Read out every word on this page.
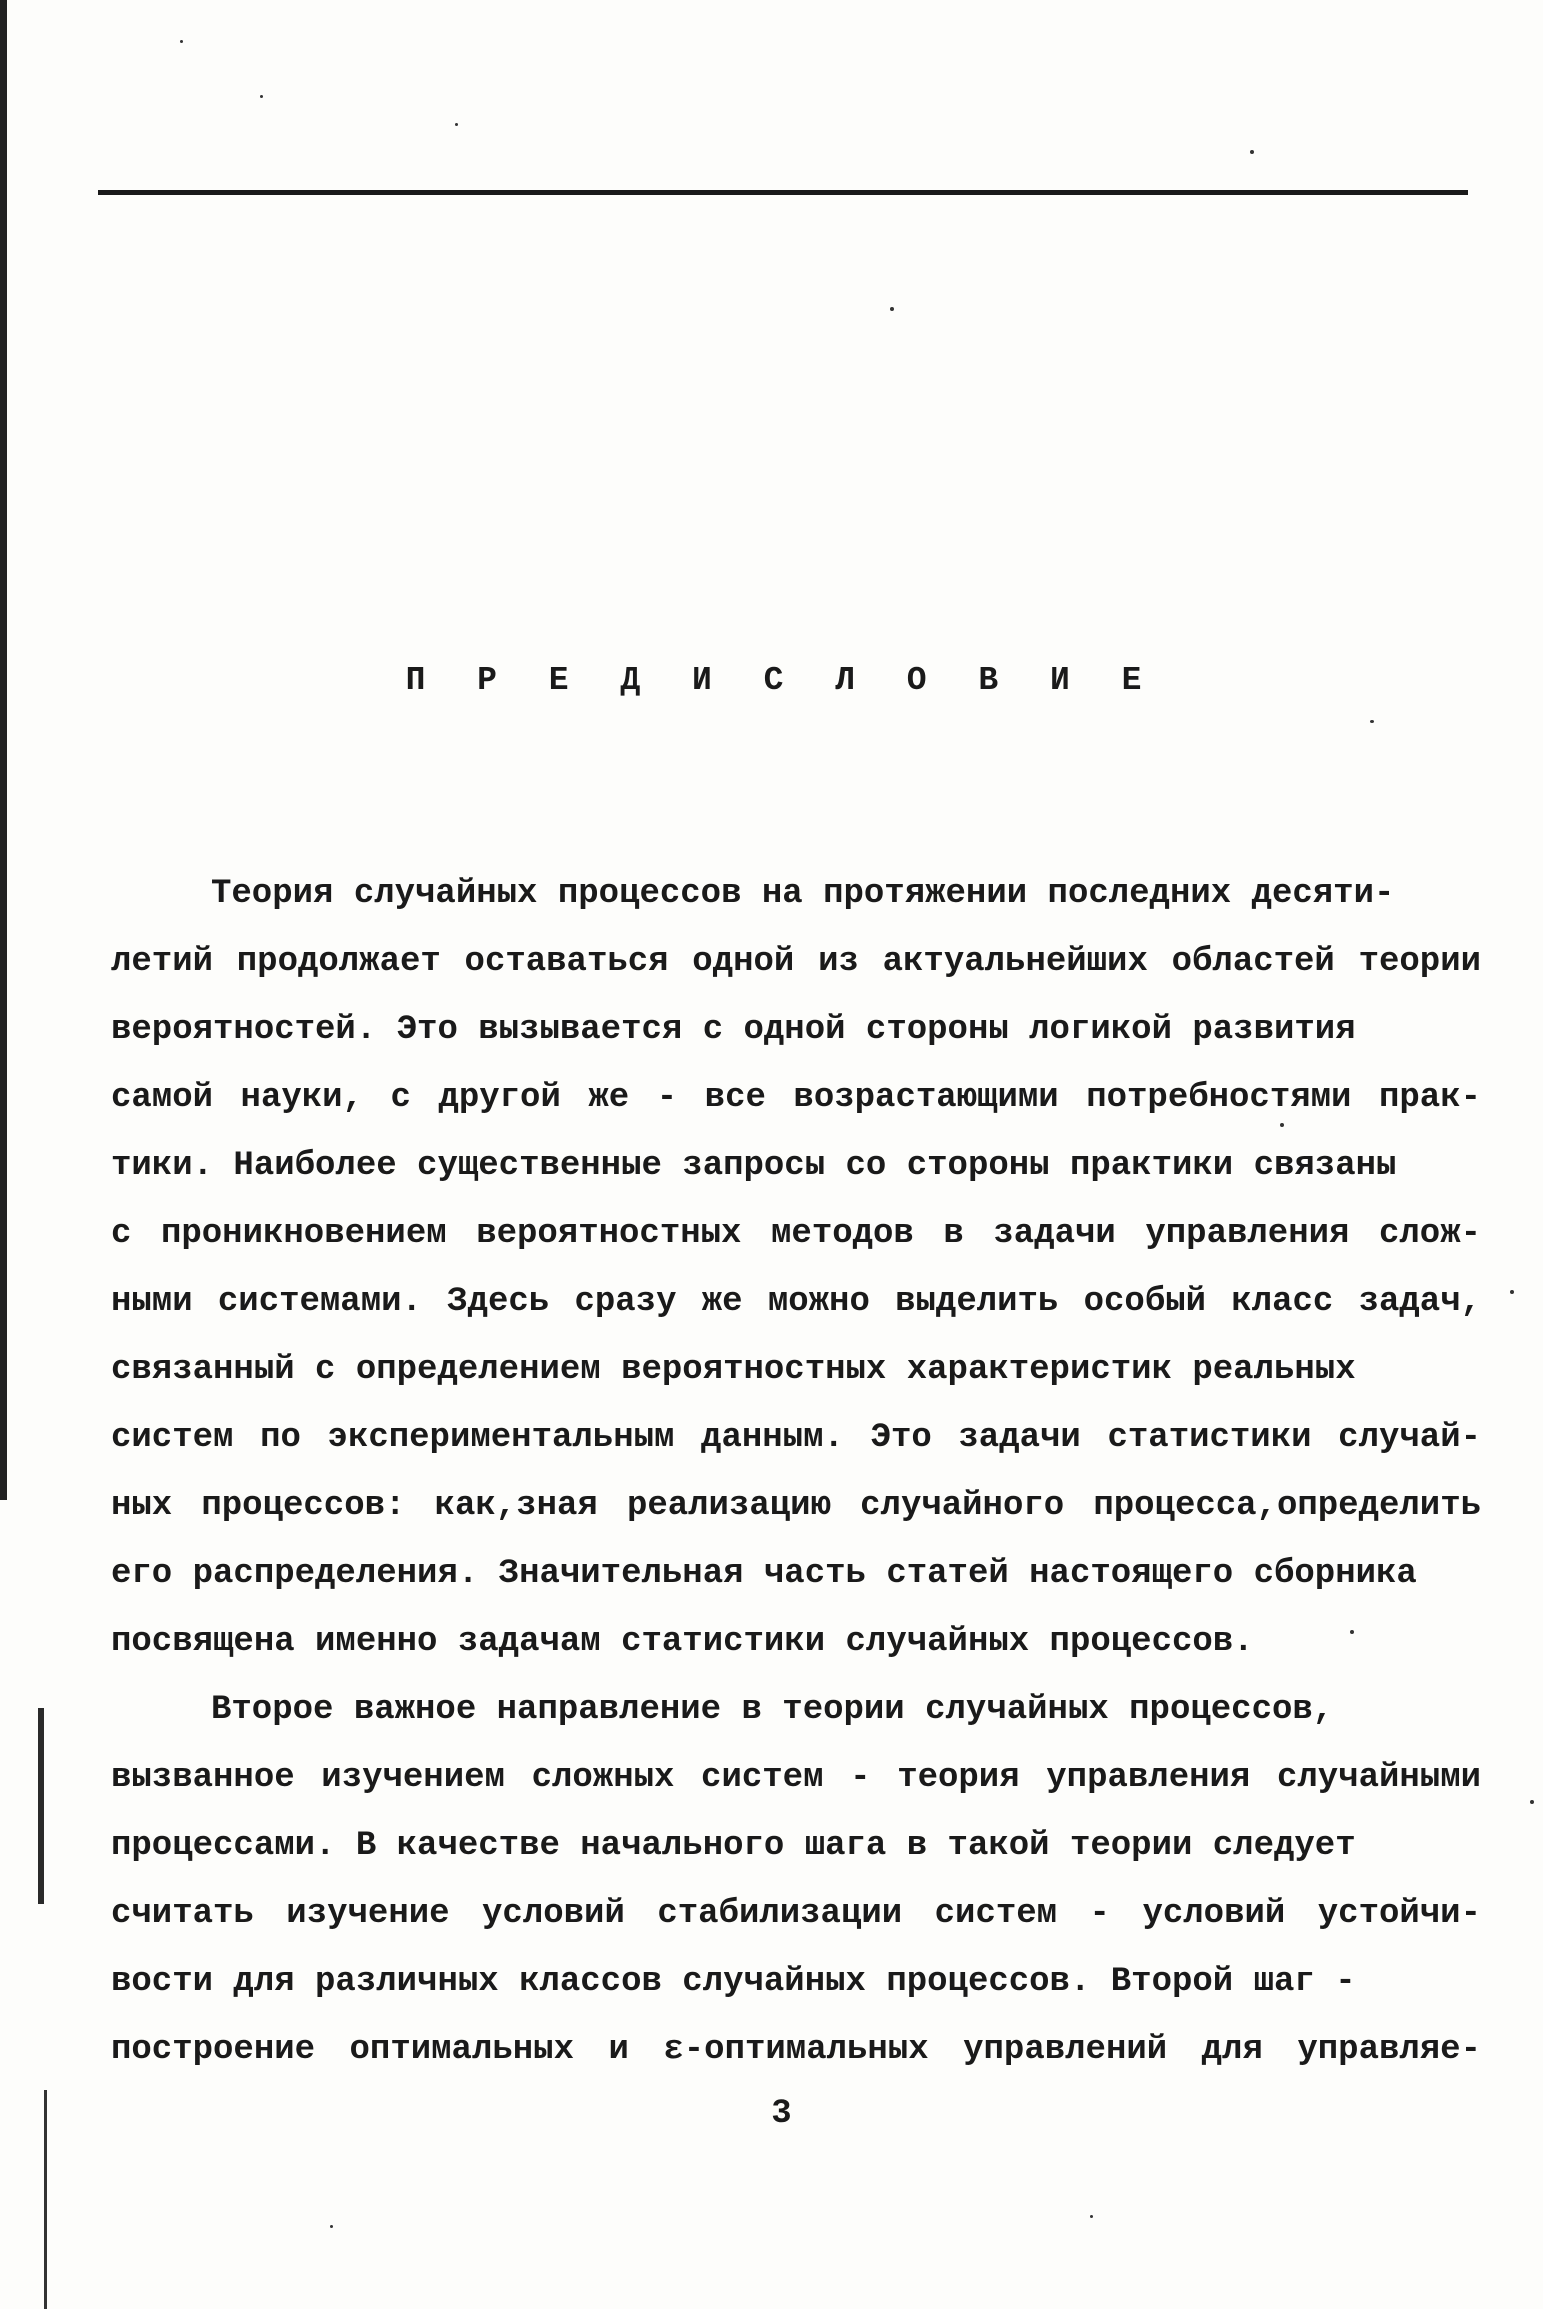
П Р Е Д И С Л О В И Е
Теория случайных процессов на протяжении последних десяти-
летий продолжает оставаться одной из актуальнейших областей теории
вероятностей. Это вызывается с одной стороны логикой развития
самой науки, с другой же - все возрастающими потребностями прак-
тики. Наиболее существенные запросы со стороны практики связаны
с проникновением вероятностных методов в задачи управления слож-
ными системами. Здесь сразу же можно выделить особый класс задач,
связанный с определением вероятностных характеристик реальных
систем по экспериментальным данным. Это задачи статистики случай-
ных процессов: как,зная реализацию случайного процесса,определить
его распределения. Значительная часть статей настоящего сборника
посвящена именно задачам статистики случайных процессов.
Второе важное направление в теории случайных процессов,
вызванное изучением сложных систем - теория управления случайными
процессами. В качестве начального шага в такой теории следует
считать изучение условий стабилизации систем - условий устойчи-
вости для различных классов случайных процессов. Второй шаг -
построение оптимальных и ε-оптимальных управлений для управляе-
3
